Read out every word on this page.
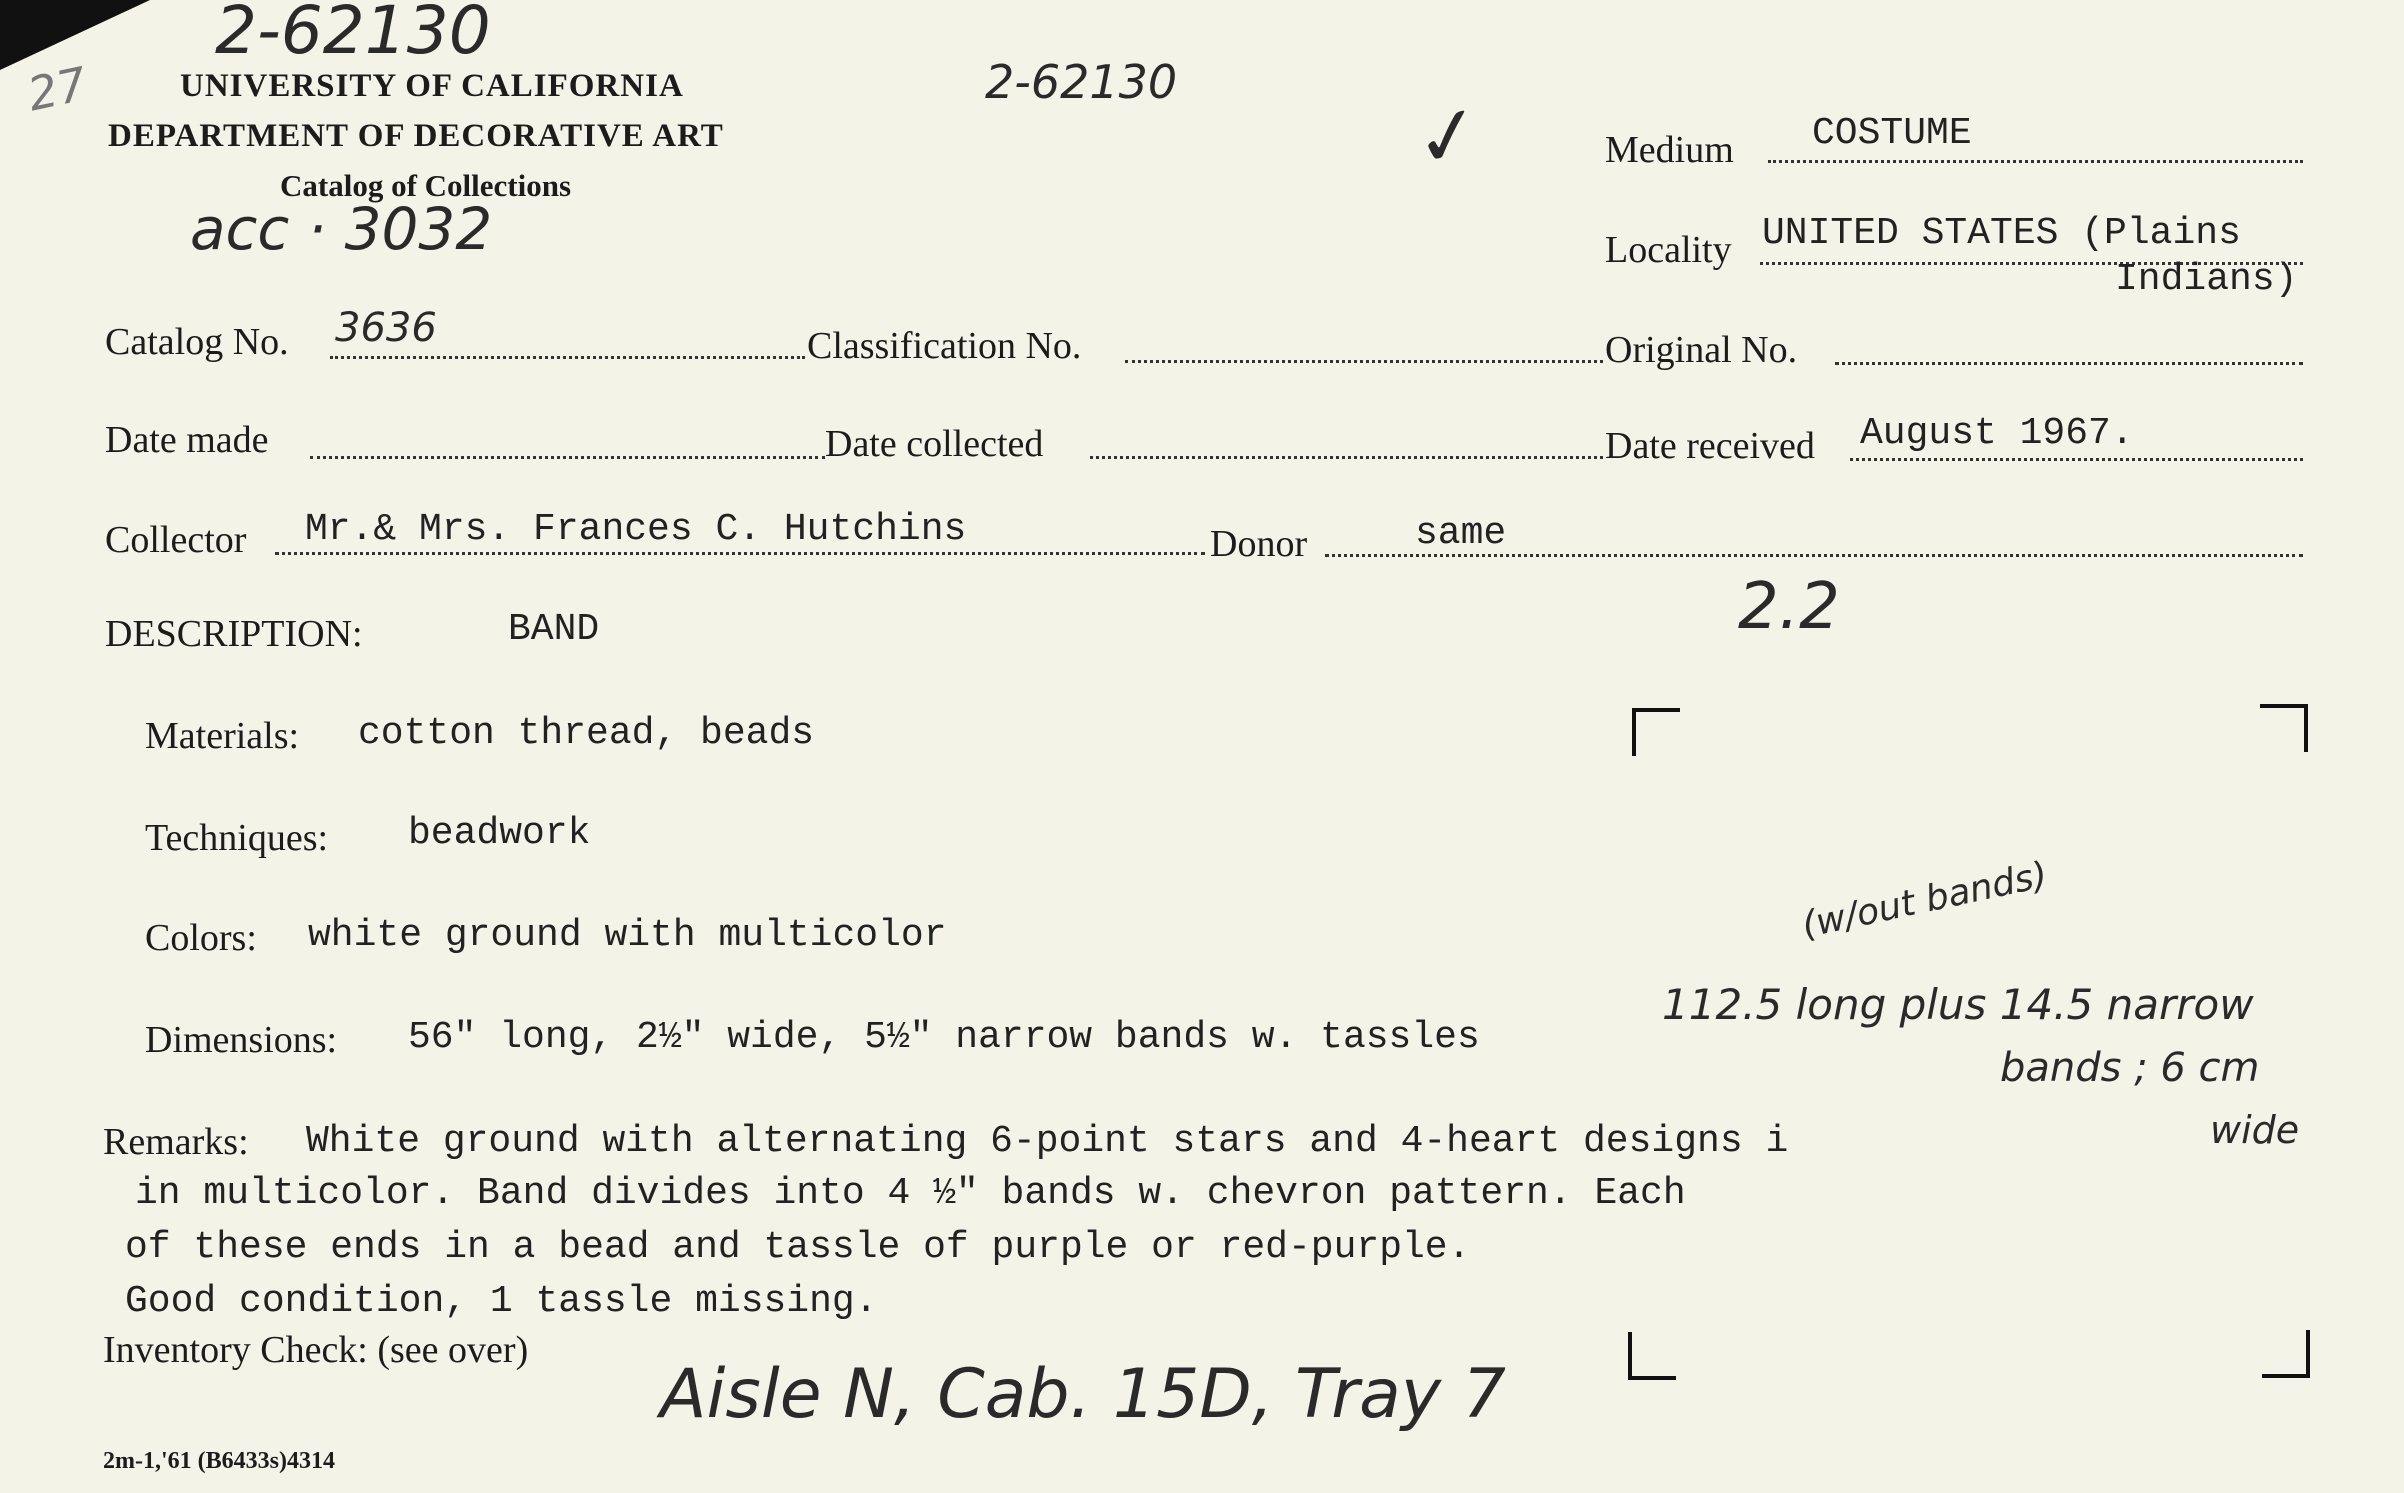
2-62130
27	2-62130
acc · 3032
✓
UNIVERSITY OF CALIFORNIA
DEPARTMENT OF DECORATIVE ART
Catalog of Collections
Medium COSTUME
Locality UNITED STATES (Plains
Indians)
Catalog No. 3636	Classification No.	Original No.
Date made	Date collected	Date received August 1967.
Collector Mr.& Mrs. Frances C. Hutchins	Donor	same
2.2
DESCRIPTION:	BAND
Materials: cotton thread, beads
Techniques: beadwork
Colors: white ground with multicolor
Dimensions: 56" long, 2½" wide, 5½" narrow bands w. tassles
(w/out bands)
112.5 long plus 14.5 narrow
bands ; 6 cm
wide
Remarks: White ground with alternating 6-point stars and 4-heart designs i
in multicolor. Band divides into 4 ½" bands w. chevron pattern. Each
of these ends in a bead and tassle of purple or red-purple.
Good condition, 1 tassle missing.
Inventory Check: (see over)
Aisle N, Cab. 15D, Tray 7
2m-1,'61 (B6433s)4314
